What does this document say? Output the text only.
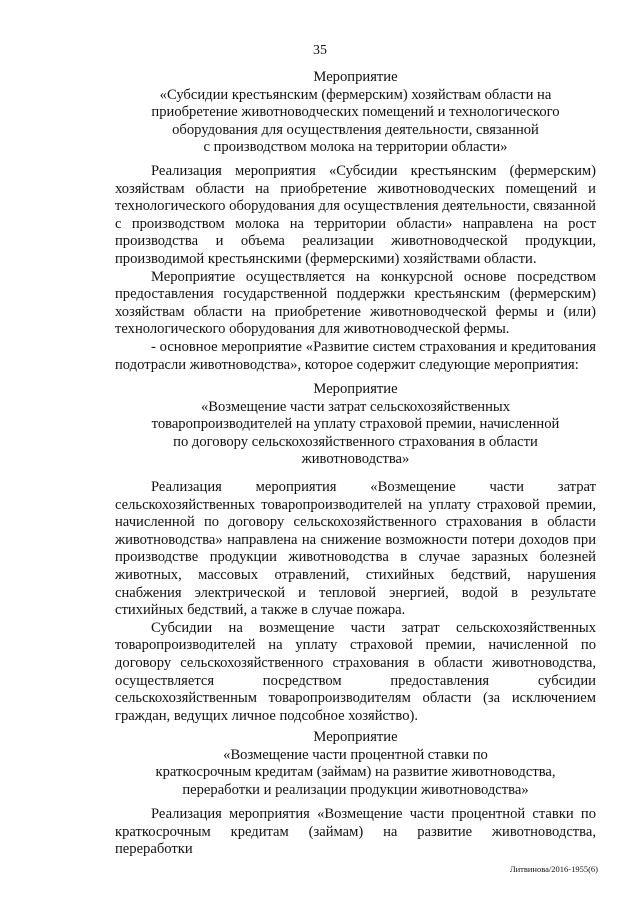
35
Мероприятие
«Субсидии крестьянским (фермерским) хозяйствам области на
приобретение животноводческих помещений и технологического
оборудования для осуществления деятельности, связанной
с производством молока на территории области»

Реализация мероприятия «Субсидии крестьянским (фермерским) хозяйствам области на приобретение животноводческих помещений и технологического оборудования для осуществления деятельности, связанной с производством молока на территории области» направлена на рост производства и объема реализации животноводческой продукции, производимой крестьянскими (фермерскими) хозяйствами области.

Мероприятие осуществляется на конкурсной основе посредством предоставления государственной поддержки крестьянским (фермерским) хозяйствам области на приобретение животноводческой фермы и (или) технологического оборудования для животноводческой фермы.

- основное мероприятие «Развитие систем страхования и кредитования подотрасли животноводства», которое содержит следующие мероприятия:

Мероприятие
«Возмещение части затрат сельскохозяйственных
товаропроизводителей на уплату страховой премии, начисленной
по договору сельскохозяйственного страхования в области
животноводства»

Реализация мероприятия «Возмещение части затрат сельскохозяйственных товаропроизводителей на уплату страховой премии, начисленной по договору сельскохозяйственного страхования в области животноводства» направлена на снижение возможности потери доходов при производстве продукции животноводства в случае заразных болезней животных, массовых отравлений, стихийных бедствий, нарушения снабжения электрической и тепловой энергией, водой в результате стихийных бедствий, а также в случае пожара.

Субсидии на возмещение части затрат сельскохозяйственных товаропроизводителей на уплату страховой премии, начисленной по договору сельскохозяйственного страхования в области животноводства, осуществляется посредством предоставления субсидии сельскохозяйственным товаропроизводителям области (за исключением граждан, ведущих личное подсобное хозяйство).

Мероприятие
«Возмещение части процентной ставки по
краткосрочным кредитам (займам) на развитие животноводства,
переработки и реализации продукции животноводства»

Реализация мероприятия «Возмещение части процентной ставки по краткосрочным кредитам (займам) на развитие животноводства, переработки

Литвинова/2016-1955(6)
